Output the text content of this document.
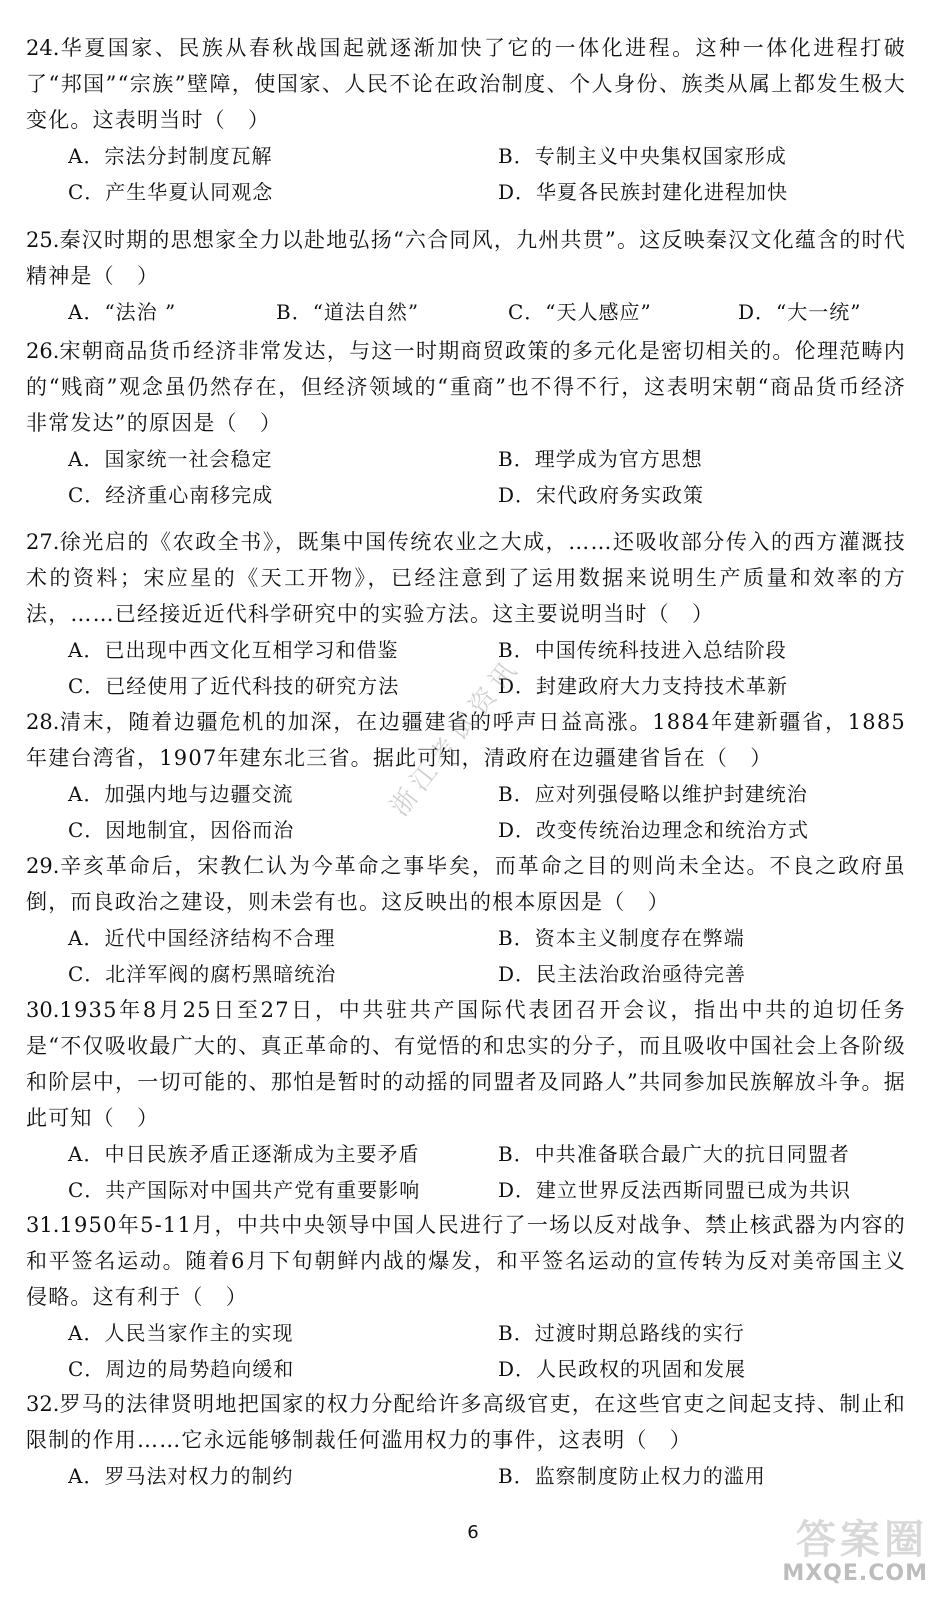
24.华夏国家、民族从春秋战国起就逐渐加快了它的一体化进程。这种一体化进程打破了“邦国”“宗族”壁障，使国家、人民不论在政治制度、个人身份、族类从属上都发生极大变化。这表明当时（　）

A．宗法分封制度瓦解	B．专制主义中央集权国家形成
C．产生华夏认同观念	D．华夏各民族封建化进程加快

25.秦汉时期的思想家全力以赴地弘扬“六合同风，九州共贯”。这反映秦汉文化蕴含的时代精神是（　）

A．“法治 ”	B．“道法自然”	C．“天人感应”	D．“大一统”

26.宋朝商品货币经济非常发达，与这一时期商贸政策的多元化是密切相关的。伦理范畴内的“贱商”观念虽仍然存在，但经济领域的“重商”也不得不行，这表明宋朝“商品货币经济非常发达”的原因是（　）

A．国家统一社会稳定	B．理学成为官方思想
C．经济重心南移完成	D．宋代政府务实政策

27.徐光启的《农政全书》，既集中国传统农业之大成，……还吸收部分传入的西方灌溉技术的资料；宋应星的《天工开物》，已经注意到了运用数据来说明生产质量和效率的方法，……已经接近近代科学研究中的实验方法。这主要说明当时（　）

A．已出现中西文化互相学习和借鉴	B．中国传统科技进入总结阶段
C．已经使用了近代科技的研究方法	D．封建政府大力支持技术革新

28.清末，随着边疆危机的加深，在边疆建省的呼声日益高涨。1884年建新疆省，1885年建台湾省，1907年建东北三省。据此可知，清政府在边疆建省旨在（　）

A．加强内地与边疆交流	B．应对列强侵略以维护封建统治
C．因地制宜，因俗而治	D．改变传统治边理念和统治方式

29.辛亥革命后，宋教仁认为今革命之事毕矣，而革命之目的则尚未全达。不良之政府虽倒，而良政治之建设，则未尝有也。这反映出的根本原因是（　）

A．近代中国经济结构不合理	B．资本主义制度存在弊端
C．北洋军阀的腐朽黑暗统治	D．民主法治政治亟待完善

30.1935年8月25日至27日，中共驻共产国际代表团召开会议，指出中共的迫切任务是“不仅吸收最广大的、真正革命的、有觉悟的和忠实的分子，而且吸收中国社会上各阶级和阶层中，一切可能的、那怕是暂时的动摇的同盟者及同路人”共同参加民族解放斗争。据此可知（　）

A．中日民族矛盾正逐渐成为主要矛盾	B．中共准备联合最广大的抗日同盟者
C．共产国际对中国共产党有重要影响	D．建立世界反法西斯同盟已成为共识

31.1950年5-11月，中共中央领导中国人民进行了一场以反对战争、禁止核武器为内容的和平签名运动。随着6月下旬朝鲜内战的爆发，和平签名运动的宣传转为反对美帝国主义侵略。这有利于（　）

A．人民当家作主的实现	B．过渡时期总路线的实行
C．周边的局势趋向缓和	D．人民政权的巩固和发展

32.罗马的法律贤明地把国家的权力分配给许多高级官吏，在这些官吏之间起支持、制止和限制的作用……它永远能够制裁任何滥用权力的事件，这表明（　）

A．罗马法对权力的制约	B．监察制度防止权力的滥用
浙江考试资讯
6	答案圈
MXQE.COM
